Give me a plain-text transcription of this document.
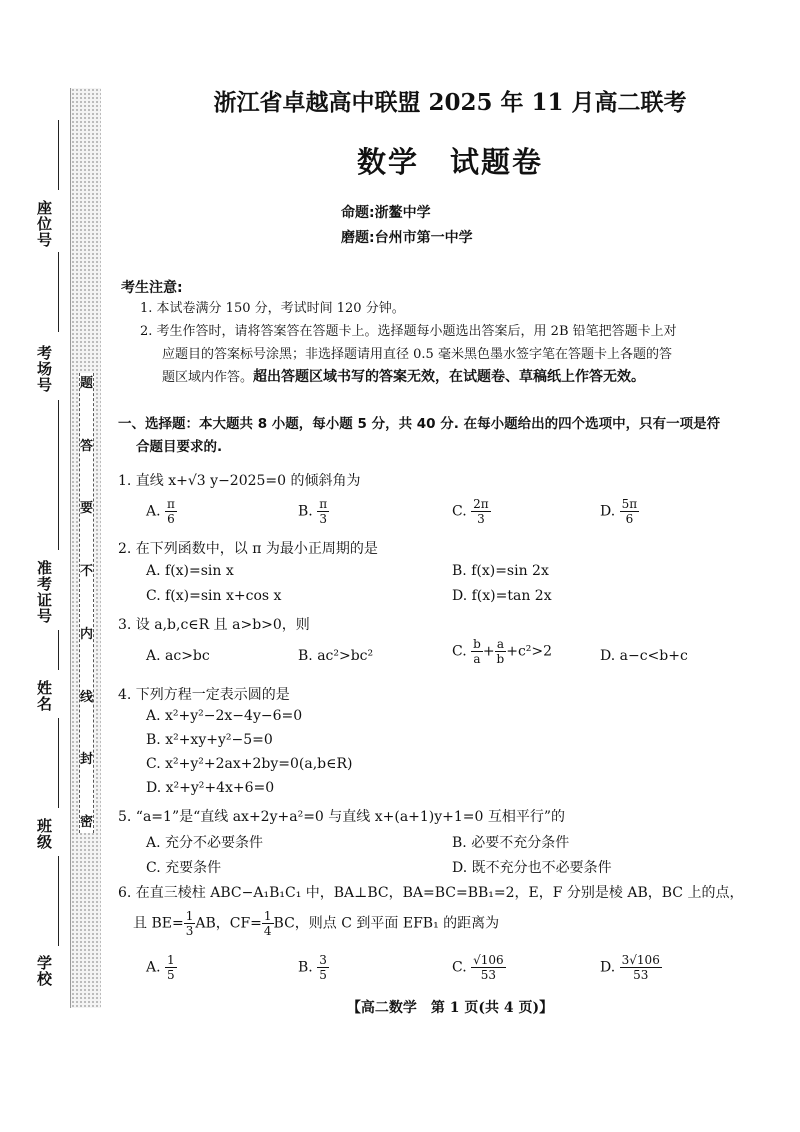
座位号
考场号
准考证号
姓名
班级
学校
题
答
要
不
内
线
封
密
浙江省卓越高中联盟 2025 年 11 月高二联考
数学　试题卷
命题:浙鳌中学
磨题:台州市第一中学
考生注意:
1. 本试卷满分 150 分，考试时间 120 分钟。
2. 考生作答时，请将答案答在答题卡上。选择题每小题选出答案后，用 2B 铅笔把答题卡上对
应题目的答案标号涂黑；非选择题请用直径 0.5 毫米黑色墨水签字笔在答题卡上各题的答
题区域内作答。超出答题区域书写的答案无效，在试题卷、草稿纸上作答无效。
一、选择题：本大题共 8 小题，每小题 5 分，共 40 分. 在每小题给出的四个选项中，只有一项是符
合题目要求的.
1. 直线 x+√3 y−2025=0 的倾斜角为
A. $\frac{\pi}{6}$	B. $\frac{\pi}{3}$	C. $\frac{2\pi}{3}$	D. $\frac{5\pi}{6}$
2. 在下列函数中，以 π 为最小正周期的是
A. f(x)=sin x	B. f(x)=sin 2x
C. f(x)=sin x+cos x	D. f(x)=tan 2x
3. 设 a,b,c∈R 且 a>b>0，则
A. ac>bc	B. ac²>bc²	C. $\frac{b}{a} + \frac{a}{b} +c^2>2$	D. a−c<b+c
4. 下列方程一定表示圆的是
A. x²+y²−2x−4y−6=0
B. x²+xy+y²−5=0
C. x²+y²+2ax+2by=0(a,b∈R)
D. x²+y²+4x+6=0
5. “a=1”是“直线 ax+2y+a²=0 与直线 x+(a+1)y+1=0 互相平行”的
A. 充分不必要条件	B. 必要不充分条件
C. 充要条件	D. 既不充分也不必要条件
6. 在直三棱柱 ABC−A₁B₁C₁ 中，BA⊥BC，BA=BC=BB₁=2，E，F 分别是棱 AB，BC 上的点，
且 $BE= \frac{1}{3}$ AB，$CF= \frac{1}{4}$ BC，则点 C 到平面 EFB₁ 的距离为
A. $\frac{1}{5}$	B. $\frac{3}{5}$	C. $\frac{√106}{53}$	D. $\frac{3√106}{53}$
【高二数学　第 1 页(共 4 页)】
